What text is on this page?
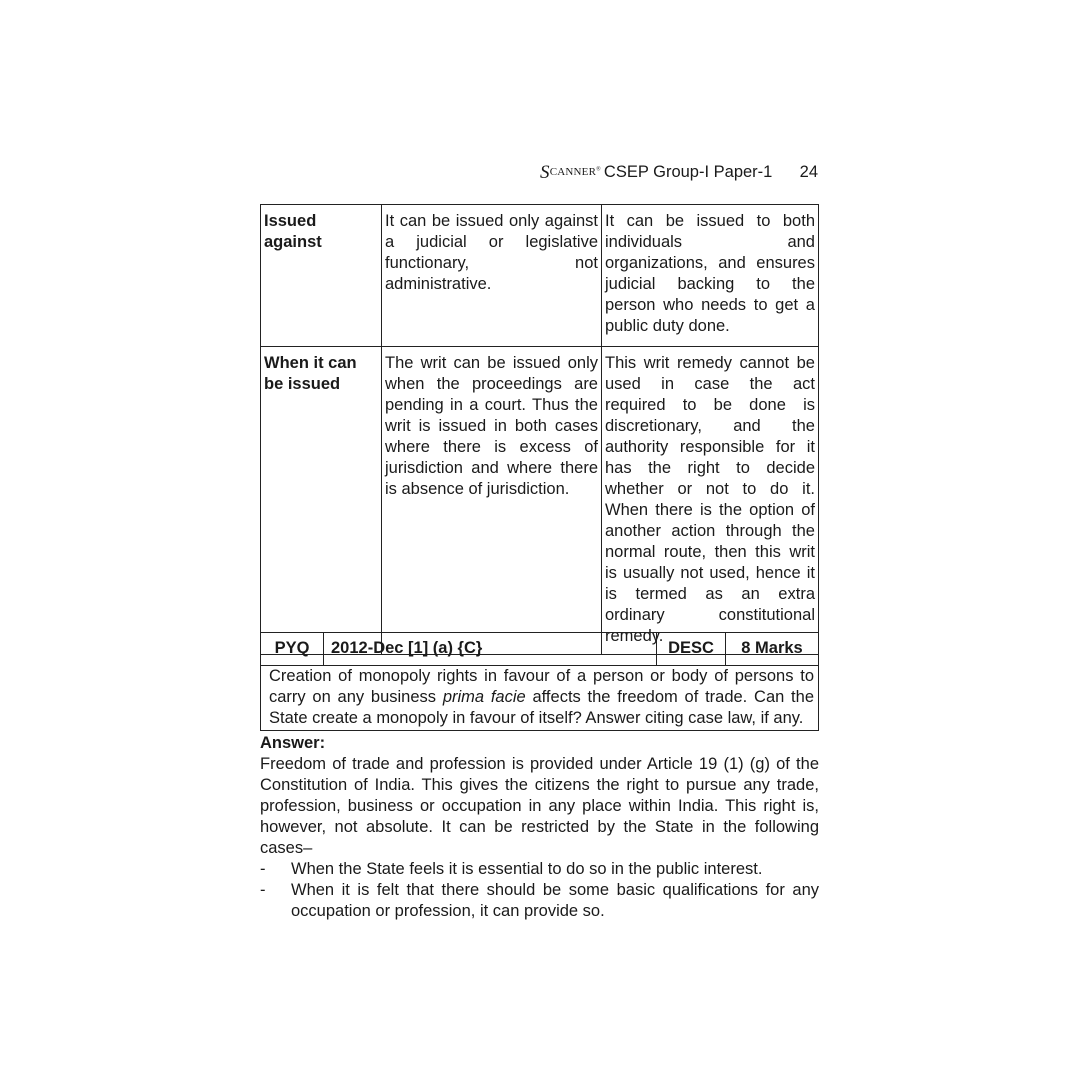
SCANNER® CSEP Group-I Paper-1 24
Issued against	It can be issued only against a judicial or legislative functionary, not administrative.	It can be issued to both individuals and organizations, and ensures judicial backing to the person who needs to get a public duty done.
When it can be issued	The writ can be issued only when the proceedings are pending in a court. Thus the writ is issued in both cases where there is excess of jurisdiction and where there is absence of jurisdiction.	This writ remedy cannot be used in case the act required to be done is discretionary, and the authority responsible for it has the right to decide whether or not to do it. When there is the option of another action through the normal route, then this writ is usually not used, hence it is termed as an extra ordinary constitutional remedy.
PYQ	2012-Dec [1] (a) {C}	DESC	8 Marks
Creation of monopoly rights in favour of a person or body of persons to carry on any business prima facie affects the freedom of trade. Can the State create a monopoly in favour of itself? Answer citing case law, if any.
Answer:

Freedom of trade and profession is provided under Article 19 (1) (g) of the Constitution of India. This gives the citizens the right to pursue any trade, profession, business or occupation in any place within India. This right is, however, not absolute. It can be restricted by the State in the following cases–

-	When the State feels it is essential to do so in the public interest.
-	When it is felt that there should be some basic qualifications for any occupation or profession, it can provide so.
